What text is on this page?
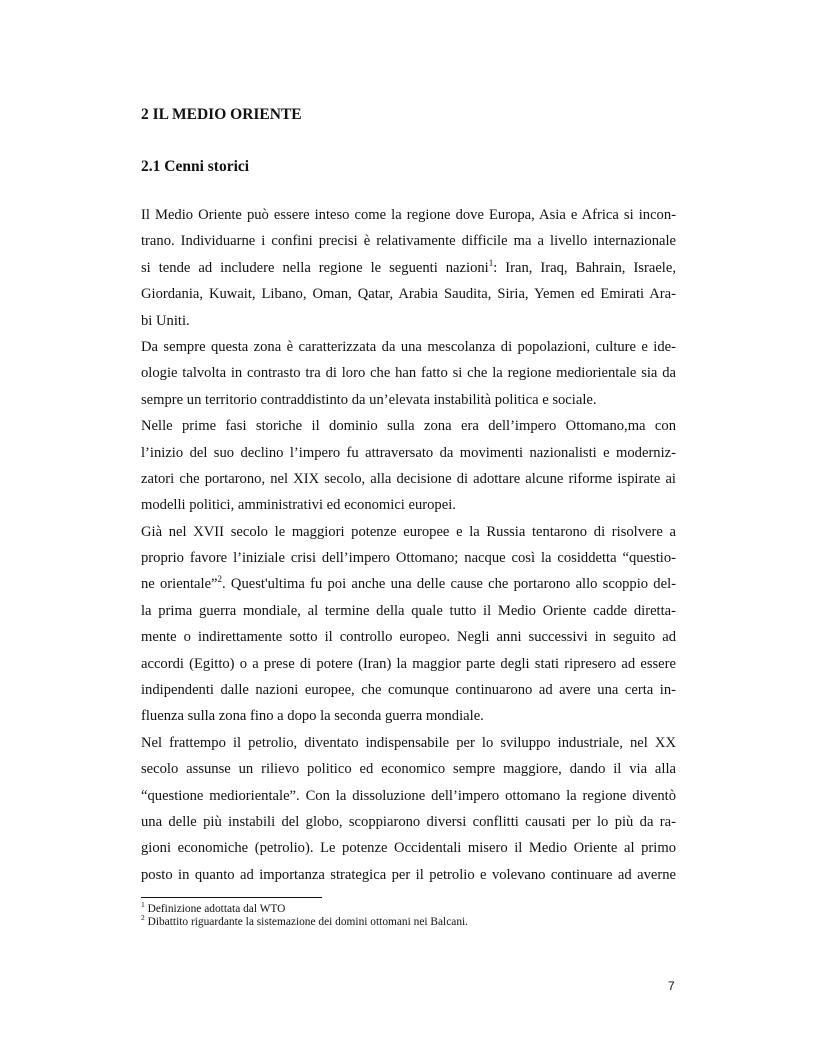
2 IL MEDIO ORIENTE
2.1 Cenni storici
Il Medio Oriente può essere inteso come la regione dove Europa, Asia e Africa si incon-
trano. Individuarne i confini precisi è relativamente difficile ma a livello internazionale
si tende ad includere nella regione le seguenti nazioni$^1$: Iran, Iraq, Bahrain, Israele,
Giordania, Kuwait, Libano, Oman, Qatar, Arabia Saudita, Siria, Yemen ed Emirati Ara-
bi Uniti.
Da sempre questa zona è caratterizzata da una mescolanza di popolazioni, culture e ide-
ologie talvolta in contrasto tra di loro che han fatto si che la regione mediorientale sia da
sempre un territorio contraddistinto da un’elevata instabilità politica e sociale.
Nelle prime fasi storiche il dominio sulla zona era dell’impero Ottomano,ma con
l’inizio del suo declino l’impero fu attraversato da movimenti nazionalisti e moderniz-
zatori che portarono, nel XIX secolo, alla decisione di adottare alcune riforme ispirate ai
modelli politici, amministrativi ed economici europei.
Già nel XVII secolo le maggiori potenze europee e la Russia tentarono di risolvere a
proprio favore l’iniziale crisi dell’impero Ottomano; nacque così la cosiddetta “questio-
ne orientale”$^2$. Quest'ultima fu poi anche una delle cause che portarono allo scoppio del-
la prima guerra mondiale, al termine della quale tutto il Medio Oriente cadde diretta-
mente o indirettamente sotto il controllo europeo. Negli anni successivi in seguito ad
accordi (Egitto) o a prese di potere (Iran) la maggior parte degli stati ripresero ad essere
indipendenti dalle nazioni europee, che comunque continuarono ad avere una certa in-
fluenza sulla zona fino a dopo la seconda guerra mondiale.
Nel frattempo il petrolio, diventato indispensabile per lo sviluppo industriale, nel XX
secolo assunse un rilievo politico ed economico sempre maggiore, dando il via alla
“questione mediorientale”. Con la dissoluzione dell’impero ottomano la regione diventò
una delle più instabili del globo, scoppiarono diversi conflitti causati per lo più da ra-
gioni economiche (petrolio). Le potenze Occidentali misero il Medio Oriente al primo
posto in quanto ad importanza strategica per il petrolio e volevano continuare ad averne
$^1$ Definizione adottata dal WTO
$^2$ Dibattito riguardante la sistemazione dei domini ottomani nei Balcani.
7
